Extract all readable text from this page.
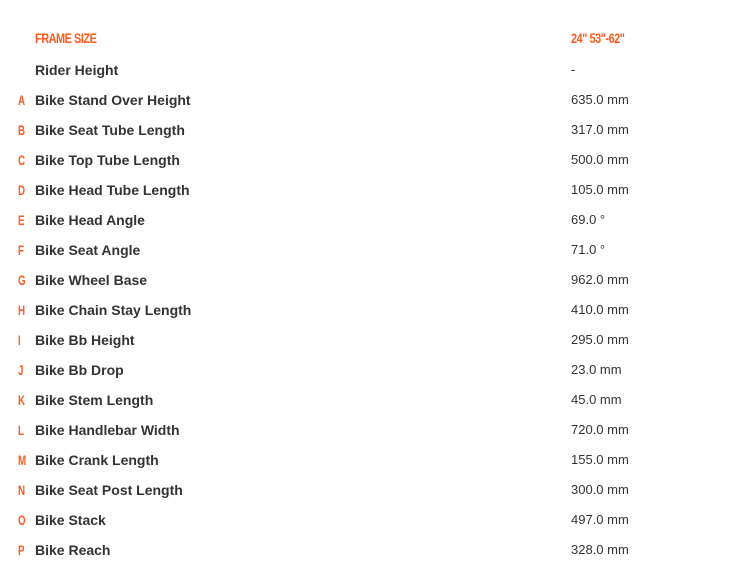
FRAME SIZE	24" 53"-62"
Rider Height	-
A Bike Stand Over Height	635.0 mm
B Bike Seat Tube Length	317.0 mm
C Bike Top Tube Length	500.0 mm
D Bike Head Tube Length	105.0 mm
E Bike Head Angle	69.0 °
F Bike Seat Angle	71.0 °
G Bike Wheel Base	962.0 mm
H Bike Chain Stay Length	410.0 mm
I	Bike Bb Height	295.0 mm
J Bike Bb Drop	23.0 mm
K Bike Stem Length	45.0 mm
L Bike Handlebar Width	720.0 mm
M Bike Crank Length	155.0 mm
N Bike Seat Post Length	300.0 mm
O Bike Stack	497.0 mm
P Bike Reach	328.0 mm
